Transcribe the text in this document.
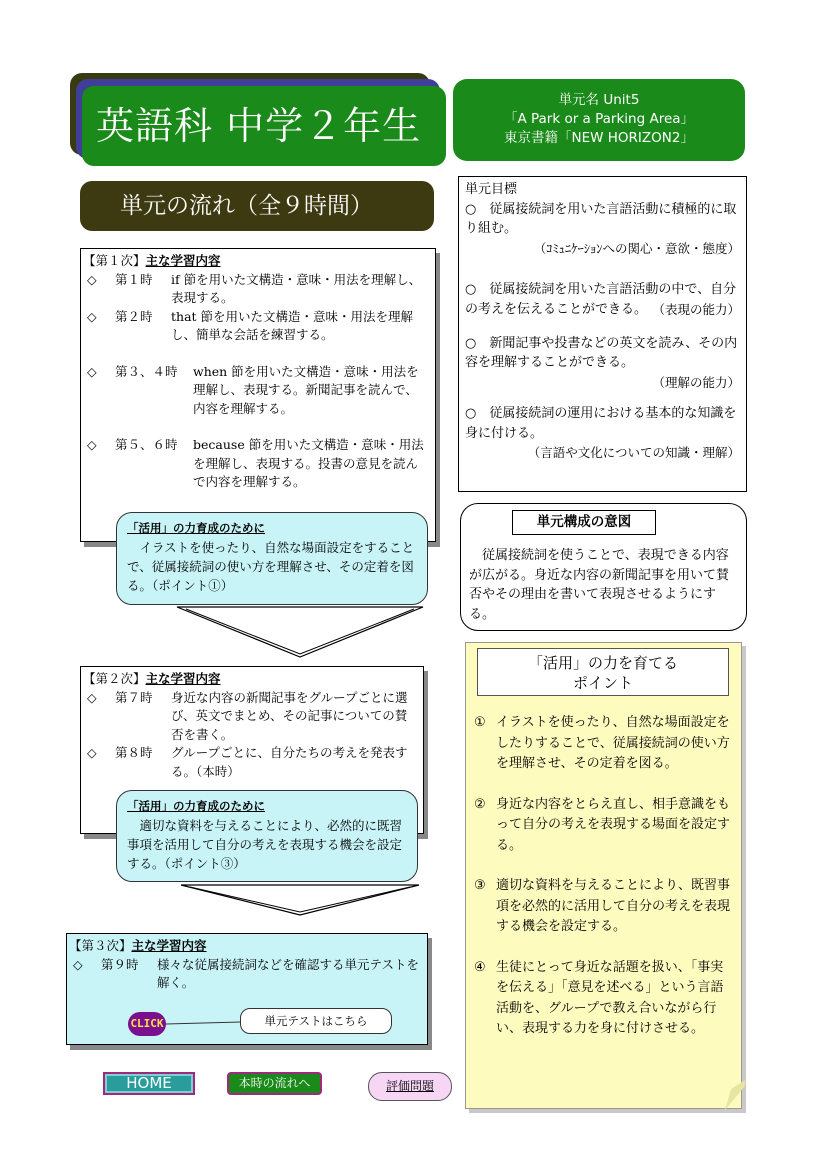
英語科 中学２年生
単元名 Unit5
「A Park or a Parking Area」
東京書籍「NEW HORIZON2」
単元の流れ（全９時間）
【第１次】主な学習内容
◇	第１時	if 節を用いた文構造・意味・用法を理解し、表現する。
◇	第２時	that 節を用いた文構造・意味・用法を理解し、簡単な会話を練習する。
◇	第３、４時	when 節を用いた文構造・意味・用法を理解し、表現する。新聞記事を読んで、内容を理解する。
◇	第５、６時	because 節を用いた文構造・意味・用法を理解し、表現する。投書の意見を読んで内容を理解する。
「活用」の力育成のために
イラストを使ったり、自然な場面設定をすることで、従属接続詞の使い方を理解させ、その定着を図る。（ポイント①）
【第２次】主な学習内容
◇	第７時	身近な内容の新聞記事をグループごとに選び、英文でまとめ、その記事についての賛否を書く。
◇	第８時	グループごとに、自分たちの考えを発表する。（本時）
「活用」の力育成のために
適切な資料を与えることにより、必然的に既習事項を活用して自分の考えを表現する機会を設定する。（ポイント③）
【第３次】主な学習内容
◇	第９時	様々な従属接続詞などを確認する単元テストを解く。
CLICK	単元テストはこちら
単元目標
○　 従属接続詞を用いた言語活動に積極的に取り組む。
（ｺﾐｭﾆｹｰｼｮﾝへの関心・意欲・態度）
○　 従属接続詞を用いた言語活動の中で、自分の考えを伝えることができる。 （表現の能力）
○　 新聞記事や投書などの英文を読み、その内容を理解することができる。
（理解の能力）
○　 従属接続詞の運用における基本的な知識を身に付ける。
（言語や文化についての知識・理解）
従属接続詞を使うことで、表現できる内容が広がる。身近な内容の新聞記事を用いて賛否やその理由を書いて表現させるようにする。
単元構成の意図
① イラストを使ったり、自然な場面設定をしたりすることで、従属接続詞の使い方を理解させ、その定着を図る。
② 身近な内容をとらえ直し、相手意識をもって自分の考えを表現する場面を設定する。
③ 適切な資料を与えることにより、既習事項を必然的に活用して自分の考えを表現する機会を設定する。
④ 生徒にとって身近な話題を扱い、「事実を伝える」「意見を述べる」という言語活動を、グループで教え合いながら行い、表現する力を身に付けさせる。
「活用」の力を育てる
ポイント
HOME	本時の流れへ	評価問題
